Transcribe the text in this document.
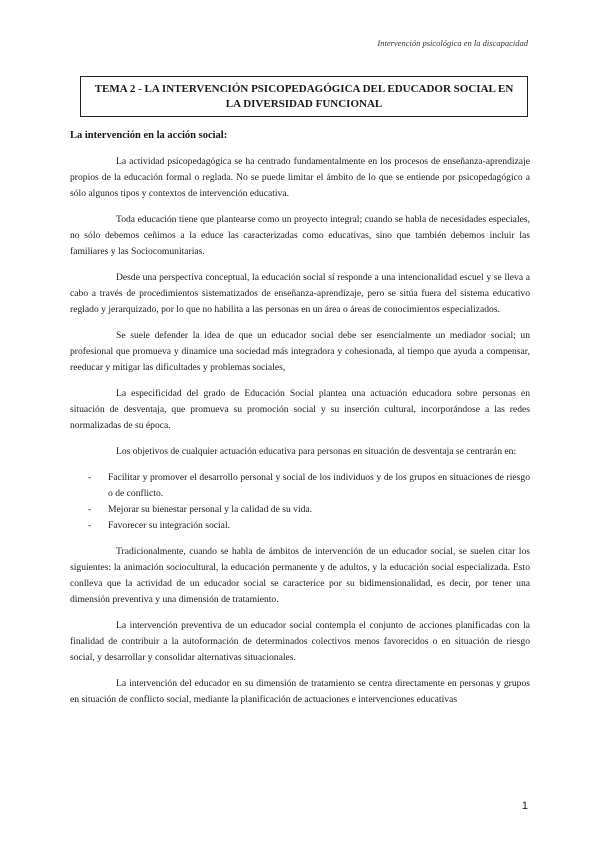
Intervención psicológica en la discapacidad
TEMA 2 - LA INTERVENCIÓN PSICOPEDAGÓGICA DEL EDUCADOR SOCIAL EN LA DIVERSIDAD FUNCIONAL
La intervención en la acción social:

La actividad psicopedagógica se ha centrado fundamentalmente en los procesos de enseñanza-aprendizaje propios de la educación formal o reglada. No se puede limitar el ámbito de lo que se entiende por psicopedagógico a sólo algunos tipos y contextos de intervención educativa.

Toda educación tiene que plantearse como un proyecto integral; cuando se habla de necesidades especiales, no sólo debemos ceñimos a la educe las caracterizadas como educativas, sino que también debemos incluir las familiares y las Sociocomunitarias.

Desde una perspectiva conceptual, la educación social sí responde a una intencionalidad escuel y se lleva a cabo a través de procedimientos sistematizados de enseñanza-aprendizaje, pero se sitúa fuera del sistema educativo reglado y jerarquizado, por lo que no habilita a las personas en un área o áreas de conocimientos especializados.

Se suele defender la idea de que un educador social debe ser esencialmente un mediador social; un profesional que promueva y dinamice una sociedad más integradora y cohesionada, al tiempo que ayuda a compensar, reeducar y mitigar las dificultades y problemas sociales,

La especificidad del grado de Educación Social plantea una actuación educadora sobre personas en situación de desventaja, que promueva su promoción social y su inserción cultural, incorporándose a las redes normalizadas de su época.

Los objetivos de cualquier actuación educativa para personas en situación de desventaja se centrarán en:

- Facilitar y promover el desarrollo personal y social de los individuos y de los grupos en situaciones de riesgo o de conflicto.
- Mejorar su bienestar personal y la calidad de su vida.
- Favorecer su integración social.

Tradicionalmente, cuando se habla de ámbitos de intervención de un educador social, se suelen citar los siguientes: la animación sociocultural, la educación permanente y de adultos, y la educación social especializada. Esto conlleva que la actividad de un educador social se caracterice por su bidimensionalidad, es decir, por tener una dimensión preventiva y una dimensión de tratamiento.

La intervención preventiva de un educador social contempla el conjunto de acciones planificadas con la finalidad de contribuir a la autoformación de determinados colectivos menos favorecidos o en situación de riesgo social, y desarrollar y consolidar alternativas situacionales.

La intervención del educador en su dimensión de tratamiento se centra directamente en personas y grupos en situación de conflicto social, mediante la planificación de actuaciones e intervenciones educativas

1
